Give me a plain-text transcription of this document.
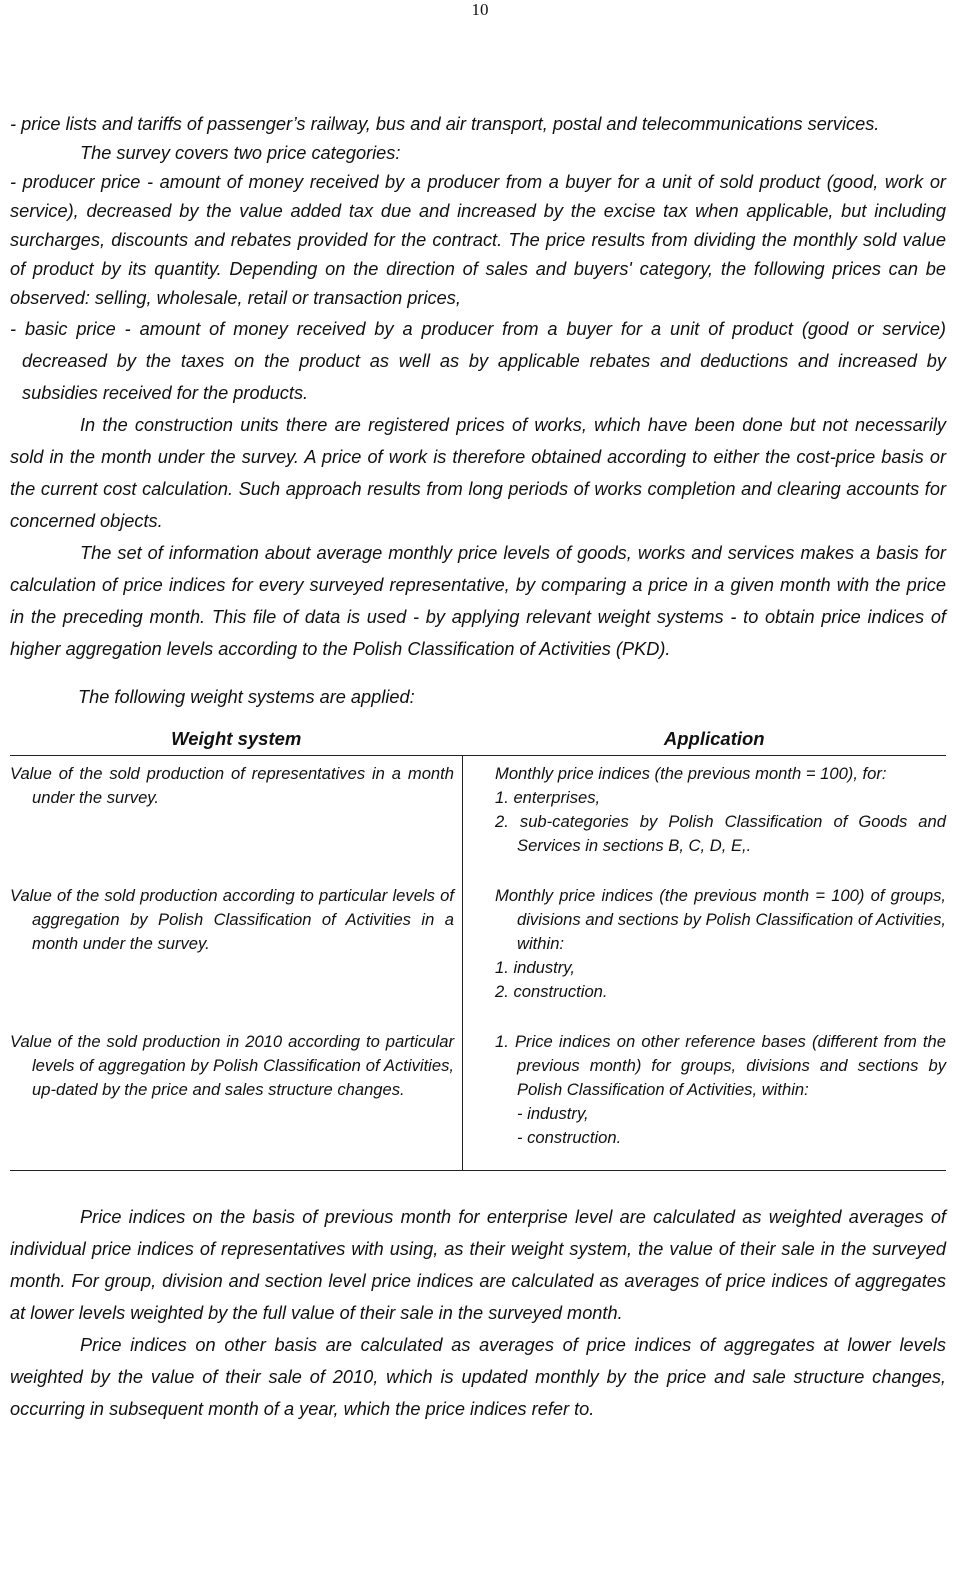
10

- price lists and tariffs of passenger’s railway, bus and air transport, postal and telecommunications services.

The survey covers two price categories:

- producer price - amount of money received by a producer from a buyer for a unit of sold product (good, work or service), decreased by the value added tax due and increased by the excise tax when applicable, but including surcharges, discounts and rebates provided for the contract. The price results from dividing the monthly sold value of product by its quantity. Depending on the direction of sales and buyers' category, the following prices can be observed: selling, wholesale, retail or transaction prices,

- basic price - amount of money received by a producer from a buyer for a unit of product (good or service) decreased by the taxes on the product as well as by applicable rebates and deductions and increased by subsidies received for the products.

In the construction units there are registered prices of works, which have been done but not necessarily sold in the month under the survey. A price of work is therefore obtained according to either the cost-price basis or the current cost calculation. Such approach results from long periods of works completion and clearing accounts for concerned objects.

The set of information about average monthly price levels of goods, works and services makes a basis for calculation of price indices for every surveyed representative, by comparing a price in a given month with the price in the preceding month. This file of data is used - by applying relevant weight systems - to obtain price indices of higher aggregation levels according to the Polish Classification of Activities (PKD).

The following weight systems are applied:

Weight system	Application

Value of the sold production of representatives in a month under the survey.	Monthly price indices (the previous month = 100), for:
1. enterprises,
2. sub-categories by Polish Classification of Goods and Services in sections B, C, D, E,.

Value of the sold production according to particular levels of aggregation by Polish Classification of Activities in a month under the survey.	Monthly price indices (the previous month = 100) of groups, divisions and sections by Polish Classification of Activities, within:
1. industry,
2. construction.

Value of the sold production in 2010 according to particular levels of aggregation by Polish Classification of Activities, up-dated by the price and sales structure changes.	1. Price indices on other reference bases (different from the previous month) for groups, divisions and sections by Polish Classification of Activities, within:
- industry,
- construction.

Price indices on the basis of previous month for enterprise level are calculated as weighted averages of individual price indices of representatives with using, as their weight system, the value of their sale in the surveyed month. For group, division and section level price indices are calculated as averages of price indices of aggregates at lower levels weighted by the full value of their sale in the surveyed month.

Price indices on other basis are calculated as averages of price indices of aggregates at lower levels weighted by the value of their sale of 2010, which is updated monthly by the price and sale structure changes, occurring in subsequent month of a year, which the price indices refer to.
